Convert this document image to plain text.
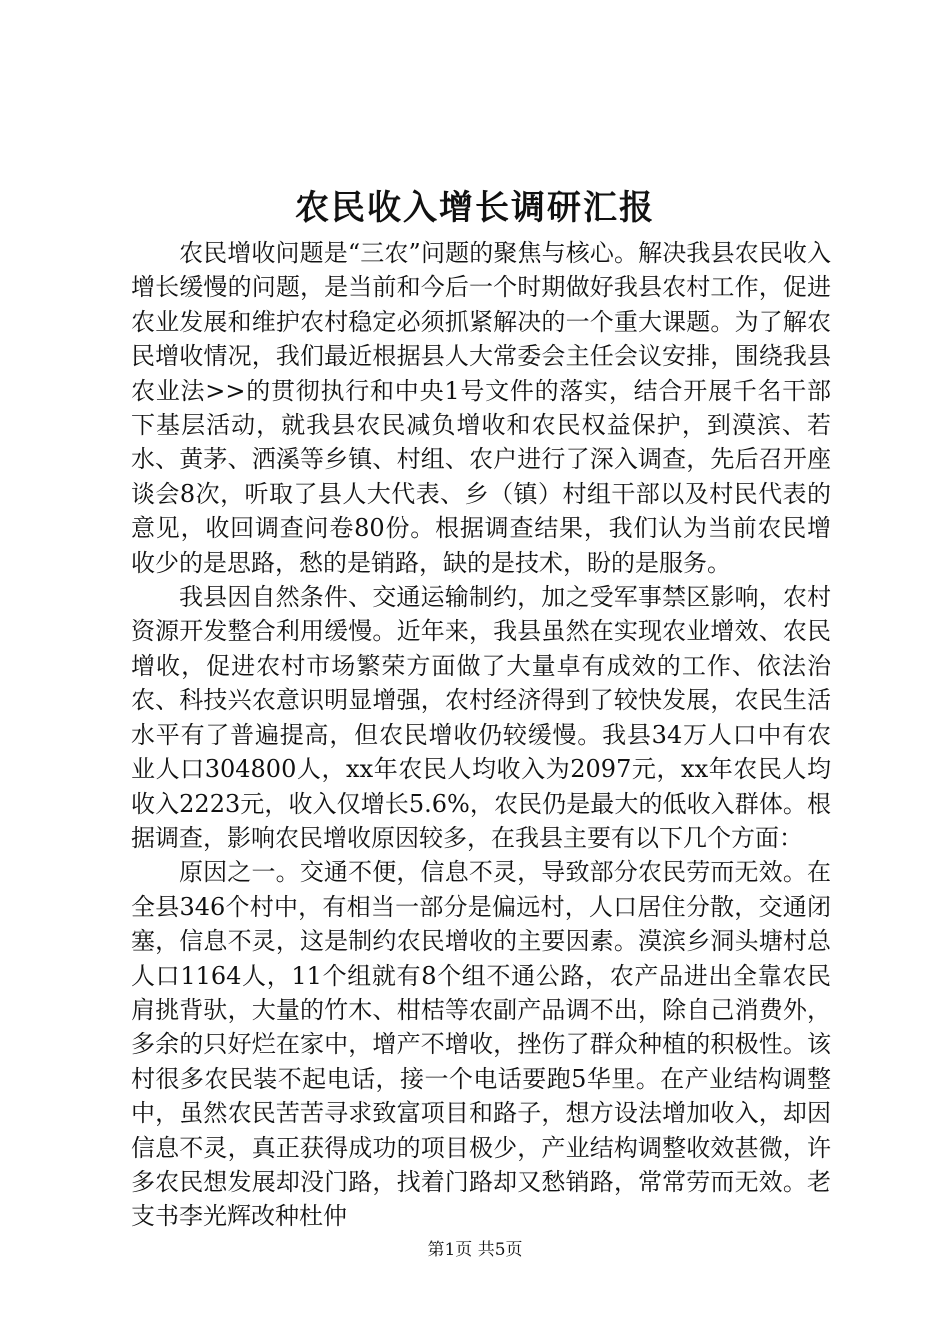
农民收入增长调研汇报

农民增收问题是“三农”问题的聚焦与核心。解决我县农民收入增长缓慢的问题，是当前和今后一个时期做好我县农村工作，促进农业发展和维护农村稳定必须抓紧解决的一个重大课题。为了解农民增收情况，我们最近根据县人大常委会主任会议安排，围绕我县农业法>>的贯彻执行和中央1号文件的落实，结合开展千名干部下基层活动，就我县农民减负增收和农民权益保护，到漠滨、若水、黄茅、洒溪等乡镇、村组、农户进行了深入调查，先后召开座谈会8次，听取了县人大代表、乡（镇）村组干部以及村民代表的意见，收回调查问卷80份。根据调查结果，我们认为当前农民增收少的是思路，愁的是销路，缺的是技术，盼的是服务。

我县因自然条件、交通运输制约，加之受军事禁区影响，农村资源开发整合利用缓慢。近年来，我县虽然在实现农业增效、农民增收，促进农村市场繁荣方面做了大量卓有成效的工作、依法治农、科技兴农意识明显增强，农村经济得到了较快发展，农民生活水平有了普遍提高，但农民增收仍较缓慢。我县34万人口中有农业人口304800人，xx年农民人均收入为2097元，xx年农民人均收入2223元，收入仅增长5.6%，农民仍是最大的低收入群体。根据调查，影响农民增收原因较多，在我县主要有以下几个方面：

原因之一。交通不便，信息不灵，导致部分农民劳而无效。在全县346个村中，有相当一部分是偏远村，人口居住分散，交通闭塞，信息不灵，这是制约农民增收的主要因素。漠滨乡洞头塘村总人口1164人，11个组就有8个组不通公路，农产品进出全靠农民肩挑背驮，大量的竹木、柑桔等农副产品调不出，除自己消费外，多余的只好烂在家中，增产不增收，挫伤了群众种植的积极性。该村很多农民装不起电话，接一个电话要跑5华里。在产业结构调整中，虽然农民苦苦寻求致富项目和路子，想方设法增加收入，却因信息不灵，真正获得成功的项目极少，产业结构调整收效甚微，许多农民想发展却没门路，找着门路却又愁销路，常常劳而无效。老支书李光辉改种杜仲

第1页 共5页
